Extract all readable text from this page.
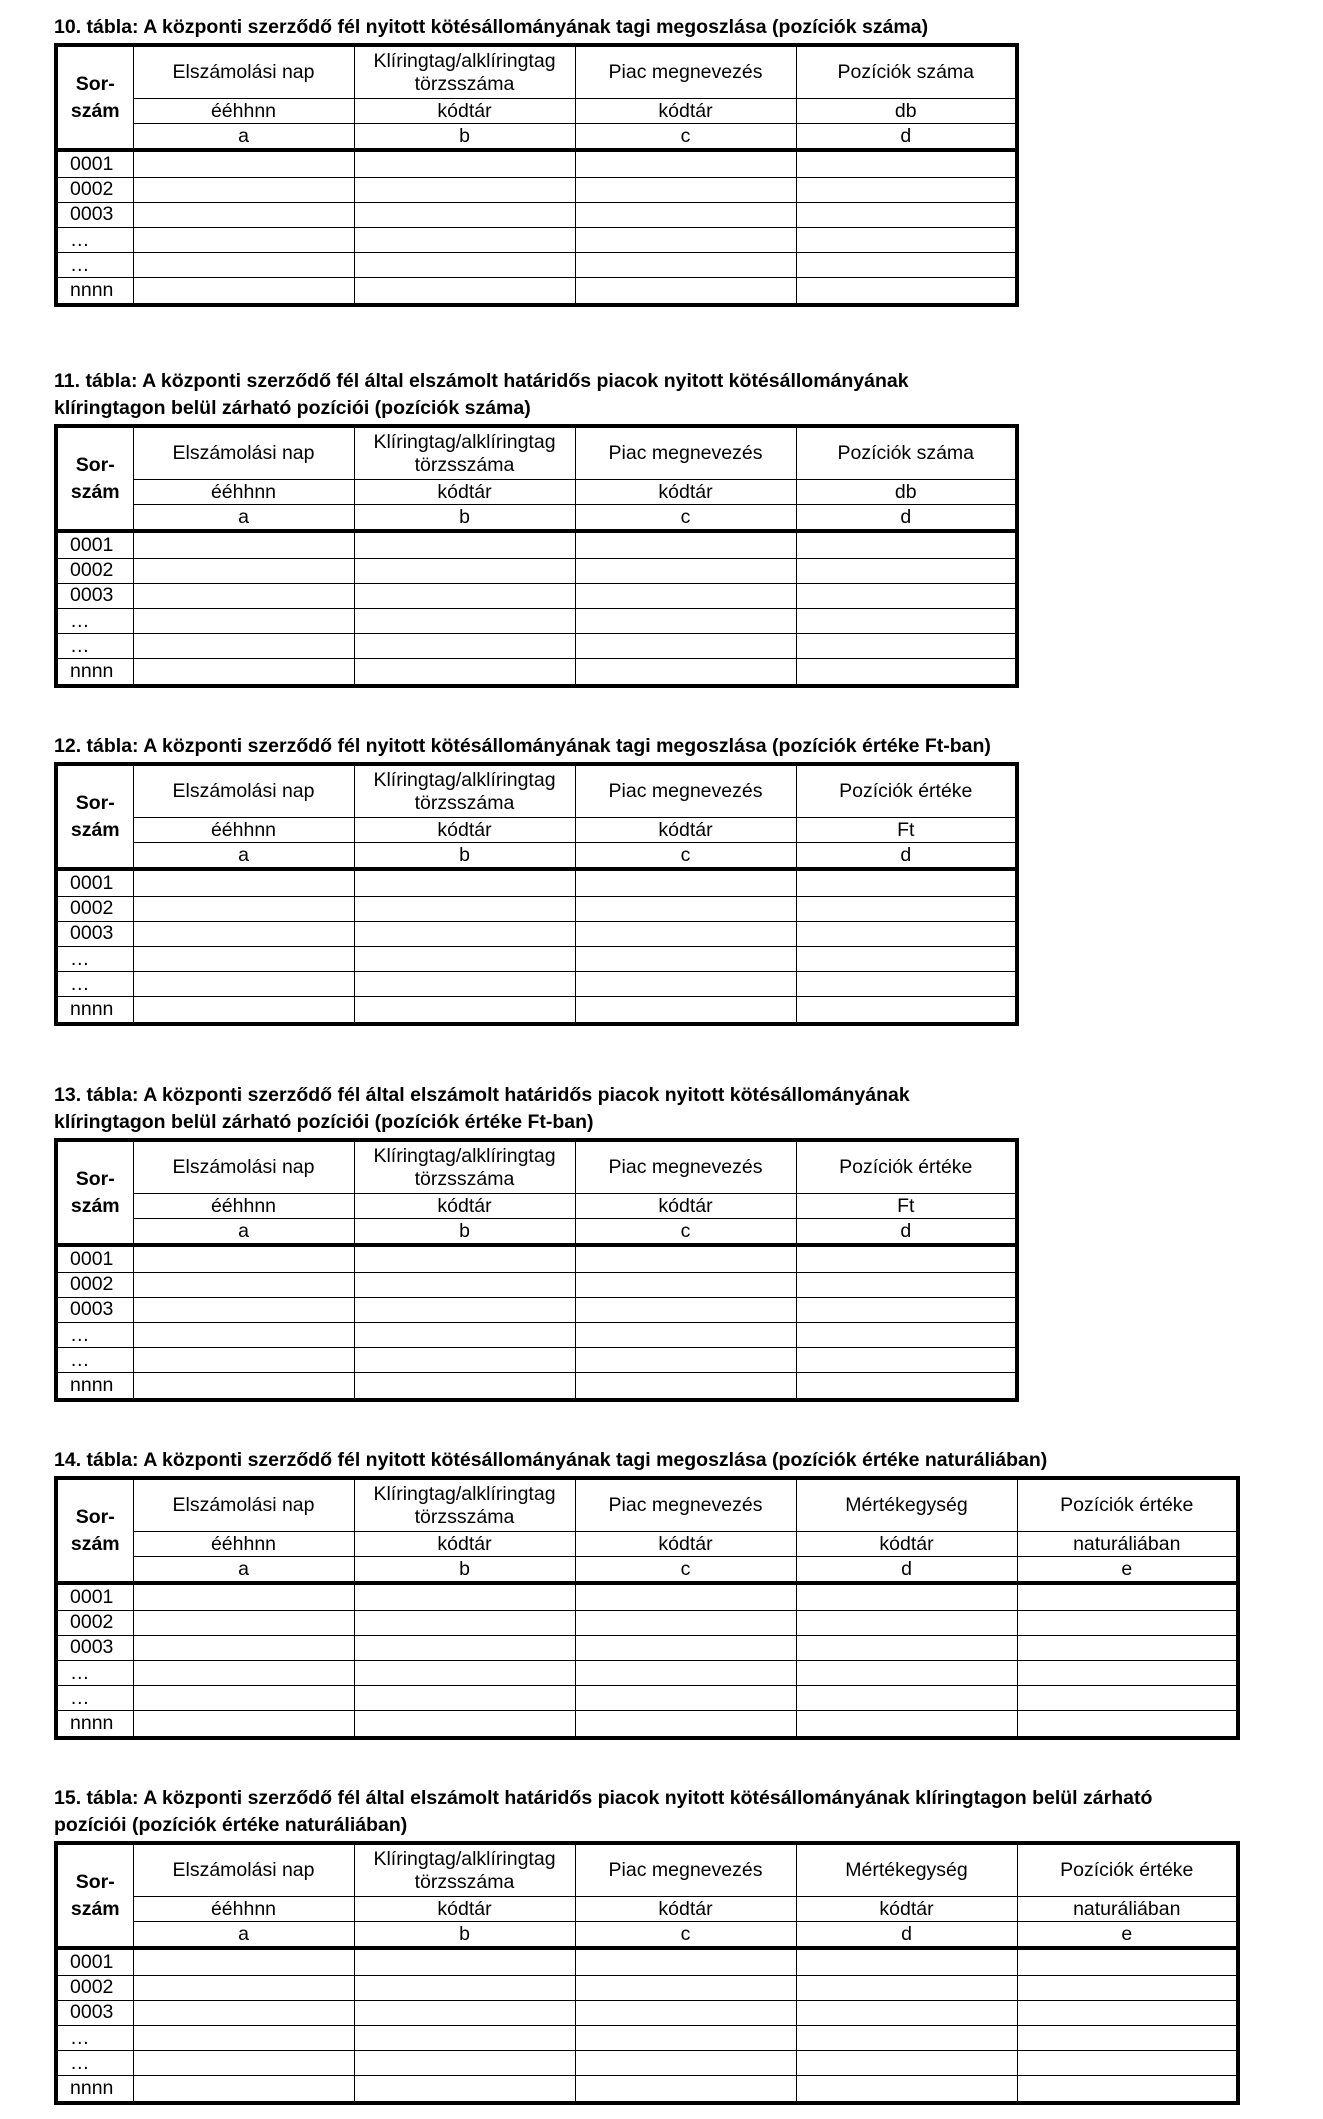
10. tábla: A központi szerződő fél nyitott kötésállományának tagi megoszlása (pozíciók száma)
Sor-
szám	Elszámolási nap	Klíringtag/alklíringtag törzsszáma	Piac megnevezés	Pozíciók száma
	ééhhnn	kódtár	kódtár	db
	a	b	c	d
0001				
0002				
0003				
…				
…				
nnnn				
11. tábla: A központi szerződő fél által elszámolt határidős piacok nyitott kötésállományának klíringtagon belül zárható pozíciói (pozíciók száma)
Sor-
szám	Elszámolási nap	Klíringtag/alklíringtag törzsszáma	Piac megnevezés	Pozíciók száma
	ééhhnn	kódtár	kódtár	db
	a	b	c	d
0001				
0002				
0003				
…				
…				
nnnn				
12. tábla: A központi szerződő fél nyitott kötésállományának tagi megoszlása (pozíciók értéke Ft-ban)
Sor-
szám	Elszámolási nap	Klíringtag/alklíringtag törzsszáma	Piac megnevezés	Pozíciók értéke
	ééhhnn	kódtár	kódtár	Ft
	a	b	c	d
0001				
0002				
0003				
…				
…				
nnnn				
13. tábla: A központi szerződő fél által elszámolt határidős piacok nyitott kötésállományának klíringtagon belül zárható pozíciói (pozíciók értéke Ft-ban)
Sor-
szám	Elszámolási nap	Klíringtag/alklíringtag törzsszáma	Piac megnevezés	Pozíciók értéke
	ééhhnn	kódtár	kódtár	Ft
	a	b	c	d
0001				
0002				
0003				
…				
…				
nnnn				
14. tábla: A központi szerződő fél nyitott kötésállományának tagi megoszlása (pozíciók értéke naturáliában)
Sor-
szám	Elszámolási nap	Klíringtag/alklíringtag törzsszáma	Piac megnevezés	Mértékegység	Pozíciók értéke
	ééhhnn	kódtár	kódtár	kódtár	naturáliában
	a	b	c	d	e
0001					
0002					
0003					
…					
…					
nnnn					
15. tábla: A központi szerződő fél által elszámolt határidős piacok nyitott kötésállományának klíringtagon belül zárható pozíciói (pozíciók értéke naturáliában)
Sor-
szám	Elszámolási nap	Klíringtag/alklíringtag törzsszáma	Piac megnevezés	Mértékegység	Pozíciók értéke
	ééhhnn	kódtár	kódtár	kódtár	naturáliában
	a	b	c	d	e
0001					
0002					
0003					
…					
…					
nnnn					
